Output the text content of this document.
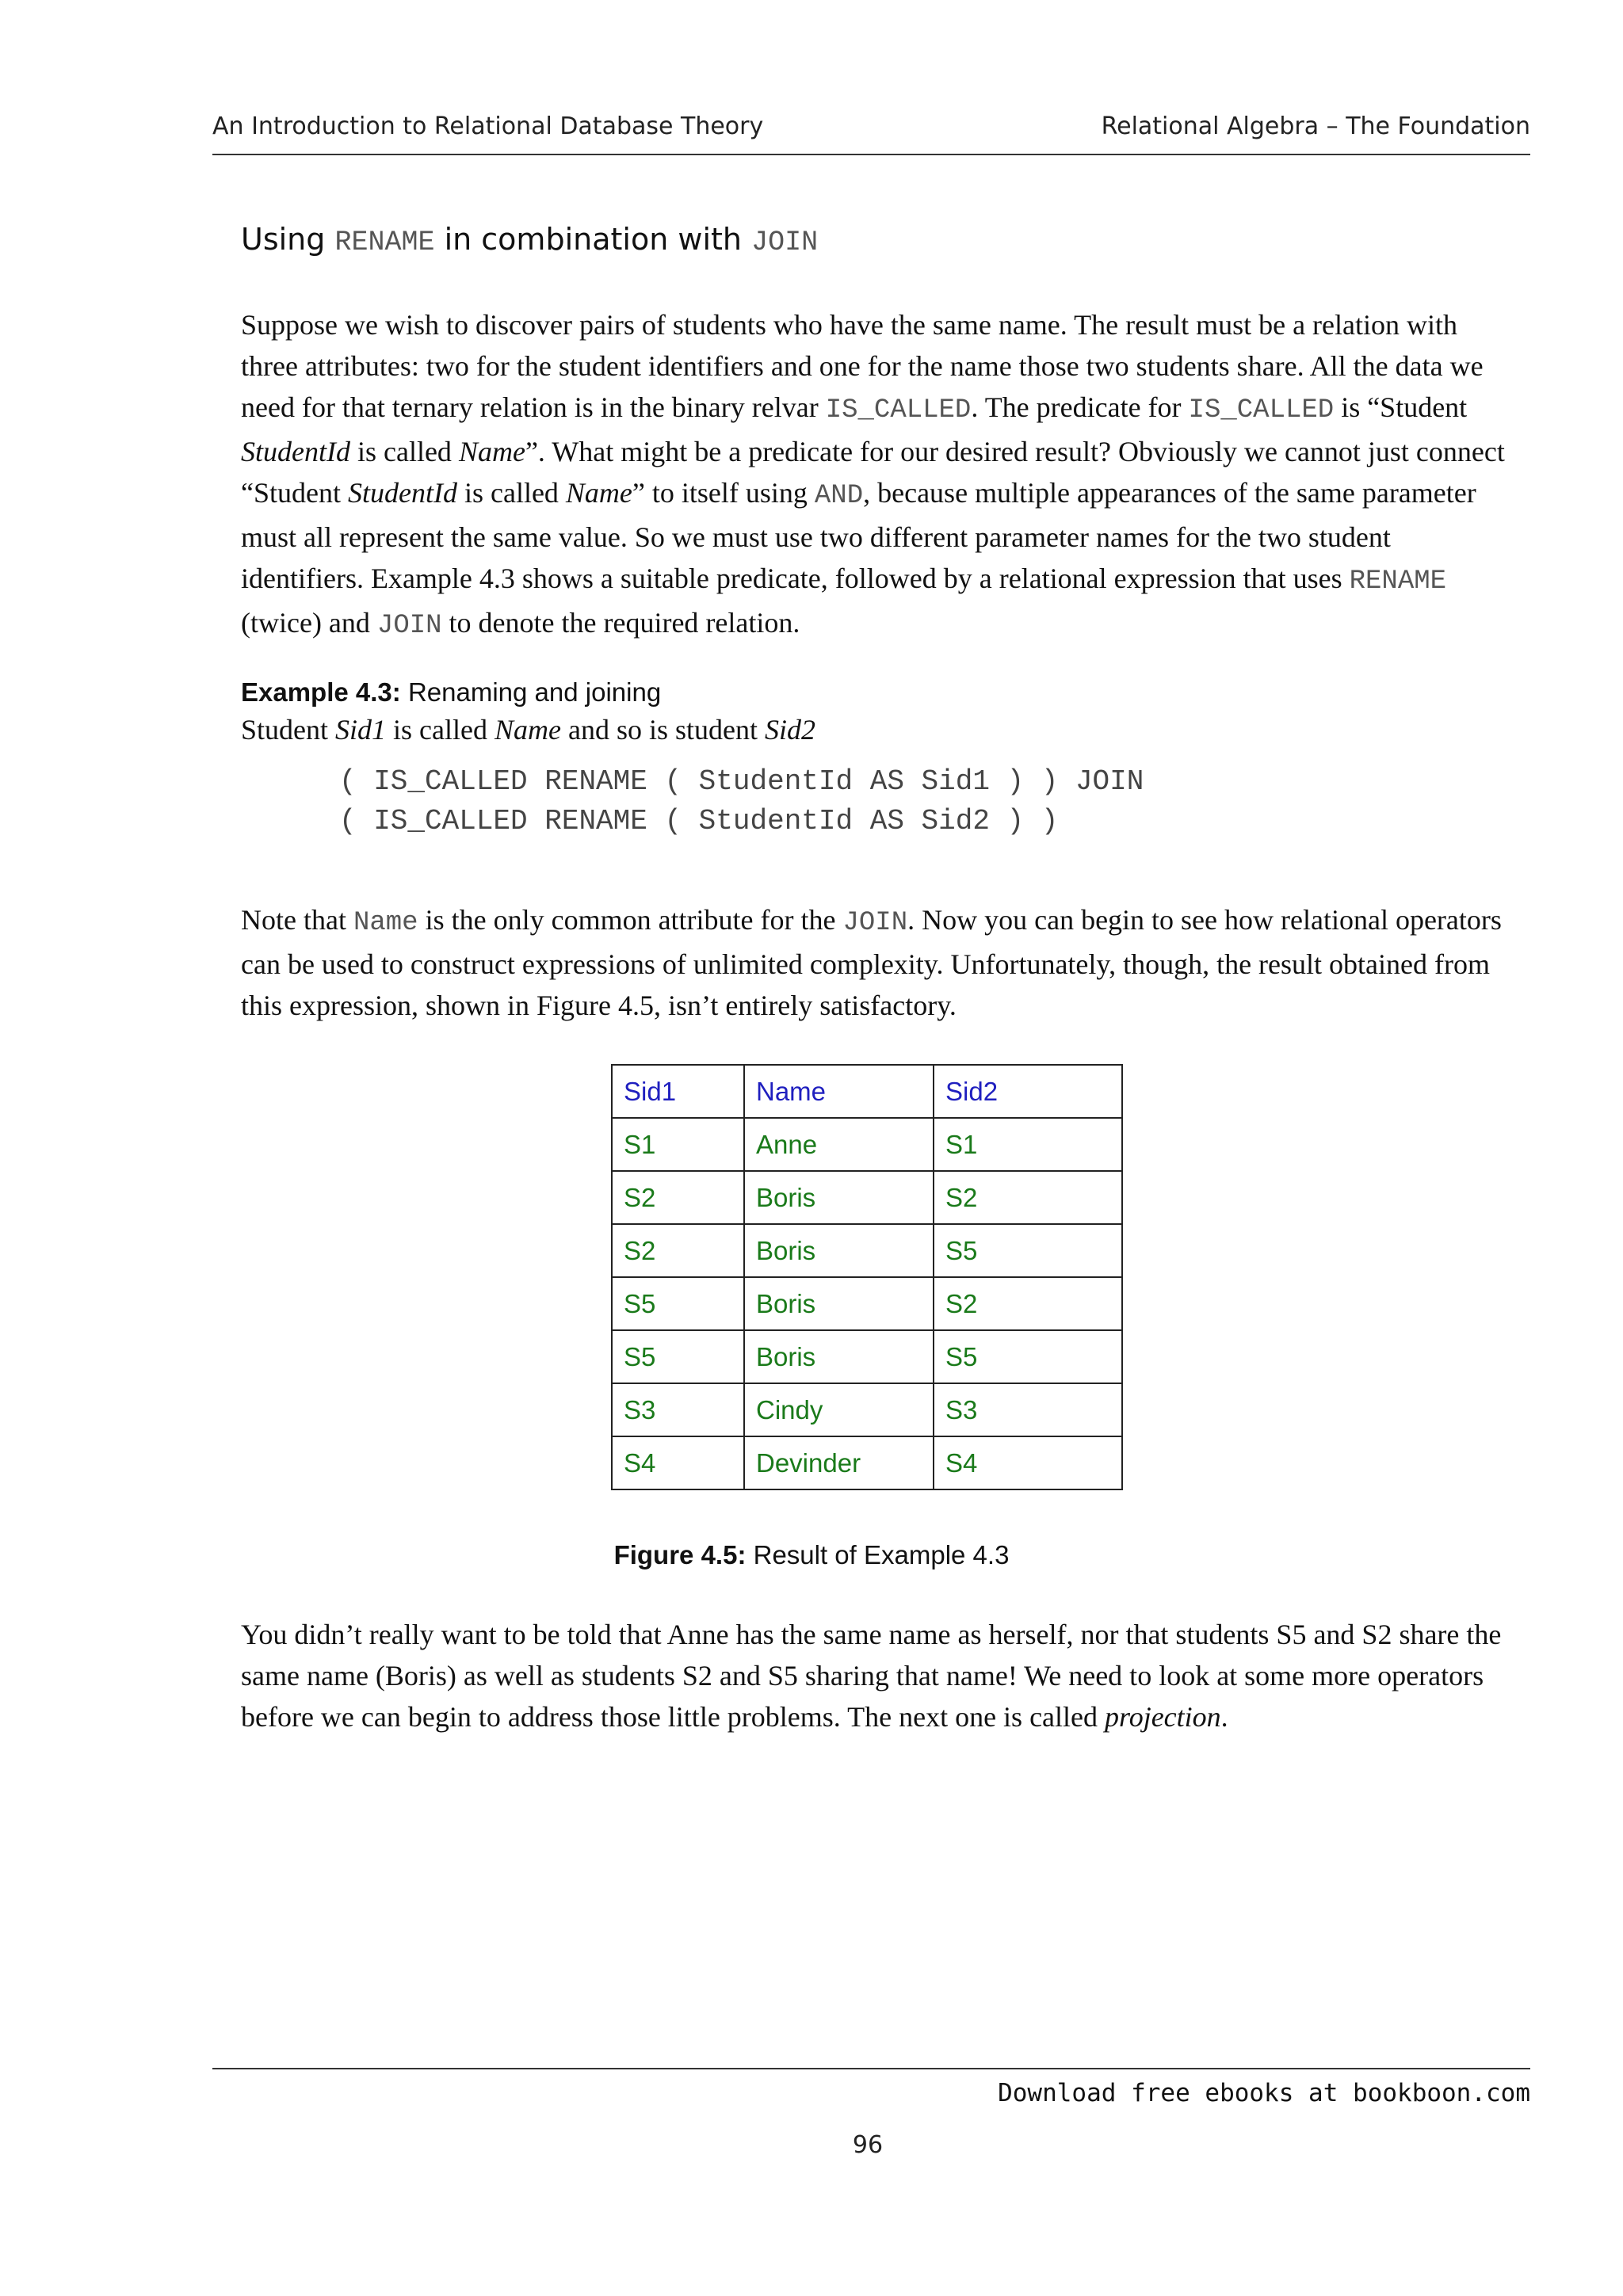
An Introduction to Relational Database Theory	Relational Algebra – The Foundation
Using RENAME in combination with JOIN
Suppose we wish to discover pairs of students who have the same name. The result must be a relation with three attributes: two for the student identifiers and one for the name those two students share. All the data we need for that ternary relation is in the binary relvar IS_CALLED. The predicate for IS_CALLED is “Student StudentId is called Name”. What might be a predicate for our desired result? Obviously we cannot just connect “Student StudentId is called Name” to itself using AND, because multiple appearances of the same parameter must all represent the same value. So we must use two different parameter names for the two student identifiers. Example 4.3 shows a suitable predicate, followed by a relational expression that uses RENAME (twice) and JOIN to denote the required relation.
Example 4.3: Renaming and joining
Student Sid1 is called Name and so is student Sid2
( IS_CALLED RENAME ( StudentId AS Sid1 ) ) JOIN
( IS_CALLED RENAME ( StudentId AS Sid2 ) )
Note that Name is the only common attribute for the JOIN. Now you can begin to see how relational operators can be used to construct expressions of unlimited complexity. Unfortunately, though, the result obtained from this expression, shown in Figure 4.5, isn’t entirely satisfactory.
Sid1	Name	Sid2
S1	Anne	S1
S2	Boris	S2
S2	Boris	S5
S5	Boris	S2
S5	Boris	S5
S3	Cindy	S3
S4	Devinder	S4
Figure 4.5: Result of Example 4.3
You didn’t really want to be told that Anne has the same name as herself, nor that students S5 and S2 share the same name (Boris) as well as students S2 and S5 sharing that name! We need to look at some more operators before we can begin to address those little problems. The next one is called projection.
Download free ebooks at bookboon.com
96
